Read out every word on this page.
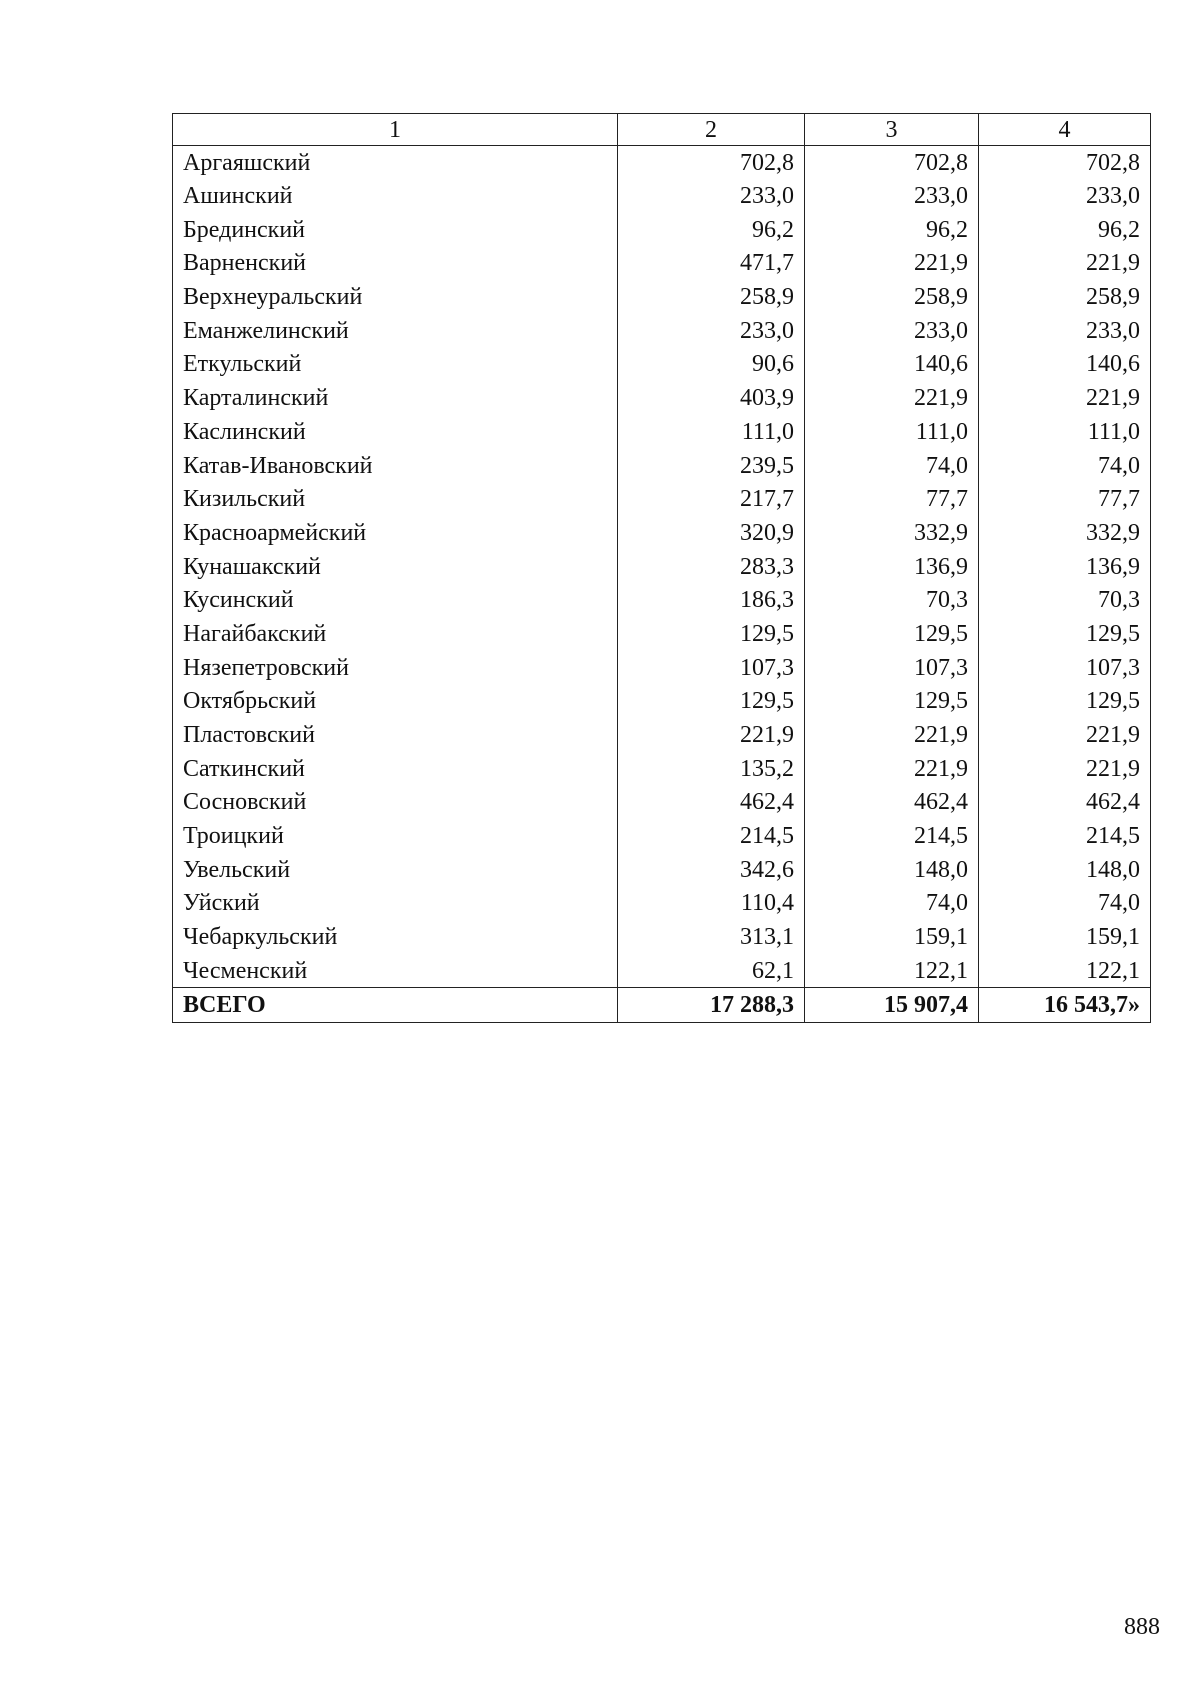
1	2	3	4
Аргаяшский	702,8	702,8	702,8
Ашинский	233,0	233,0	233,0
Брединский	96,2	96,2	96,2
Варненский	471,7	221,9	221,9
Верхнеуральский	258,9	258,9	258,9
Еманжелинский	233,0	233,0	233,0
Еткульский	90,6	140,6	140,6
Карталинский	403,9	221,9	221,9
Каслинский	111,0	111,0	111,0
Катав-Ивановский	239,5	74,0	74,0
Кизильский	217,7	77,7	77,7
Красноармейский	320,9	332,9	332,9
Кунашакский	283,3	136,9	136,9
Кусинский	186,3	70,3	70,3
Нагайбакский	129,5	129,5	129,5
Нязепетровский	107,3	107,3	107,3
Октябрьский	129,5	129,5	129,5
Пластовский	221,9	221,9	221,9
Саткинский	135,2	221,9	221,9
Сосновский	462,4	462,4	462,4
Троицкий	214,5	214,5	214,5
Увельский	342,6	148,0	148,0
Уйский	110,4	74,0	74,0
Чебаркульский	313,1	159,1	159,1
Чесменский	62,1	122,1	122,1
ВСЕГО	17 288,3	15 907,4	16 543,7»
888
